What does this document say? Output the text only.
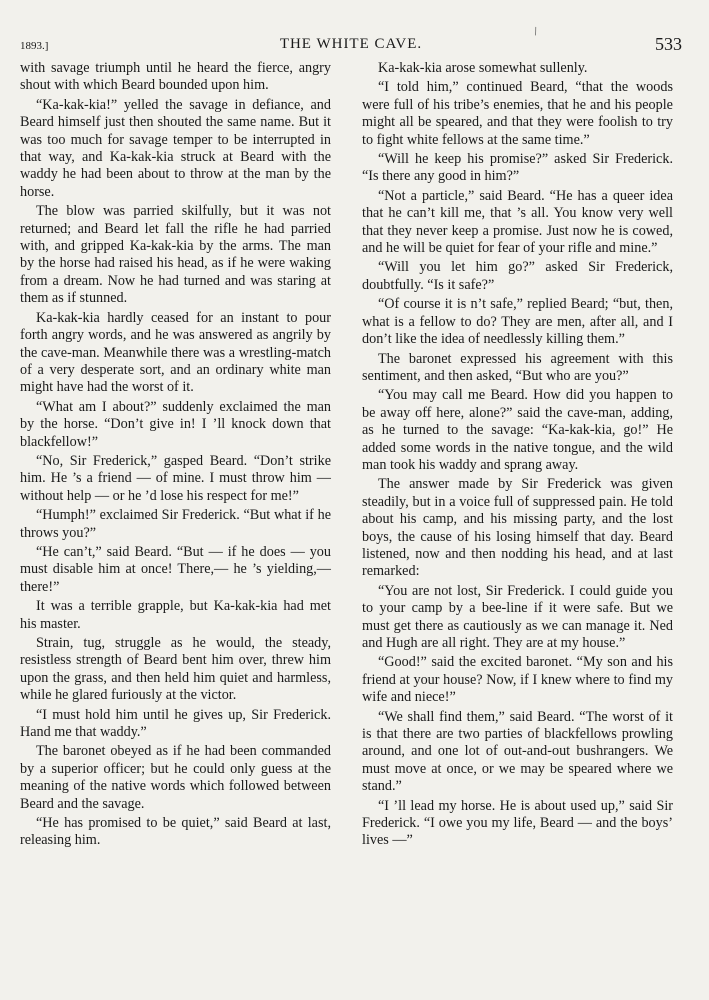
1893.]	THE WHITE CAVE.	533
\

with savage triumph until he heard the fierce, angry shout with which Beard bounded upon him.

“Ka-kak-kia!” yelled the savage in defiance, and Beard himself just then shouted the same name. But it was too much for savage temper to be interrupted in that way, and Ka-kak-kia struck at Beard with the waddy he had been about to throw at the man by the horse.

The blow was parried skilfully, but it was not returned; and Beard let fall the rifle he had parried with, and gripped Ka-kak-kia by the arms. The man by the horse had raised his head, as if he were waking from a dream. Now he had turned and was staring at them as if stunned.

Ka-kak-kia hardly ceased for an instant to pour forth angry words, and he was answered as angrily by the cave-man. Meanwhile there was a wrestling-match of a very desperate sort, and an ordinary white man might have had the worst of it.

“What am I about?” suddenly exclaimed the man by the horse. “Don’t give in! I ’ll knock down that blackfellow!”

“No, Sir Frederick,” gasped Beard. “Don’t strike him. He ’s a friend — of mine. I must throw him — without help — or he ’d lose his respect for me!”

“Humph!” exclaimed Sir Frederick. “But what if he throws you?”

“He can’t,” said Beard. “But — if he does — you must disable him at once! There,— he ’s yielding,— there!”

It was a terrible grapple, but Ka-kak-kia had met his master.

Strain, tug, struggle as he would, the steady, resistless strength of Beard bent him over, threw him upon the grass, and then held him quiet and harmless, while he glared furiously at the victor.

“I must hold him until he gives up, Sir Frederick. Hand me that waddy.”

The baronet obeyed as if he had been commanded by a superior officer; but he could only guess at the meaning of the native words which followed between Beard and the savage.

“He has promised to be quiet,” said Beard at last, releasing him.

Ka-kak-kia arose somewhat sullenly.

“I told him,” continued Beard, “that the woods were full of his tribe’s enemies, that he and his people might all be speared, and that they were foolish to try to fight white fellows at the same time.”

“Will he keep his promise?” asked Sir Frederick. “Is there any good in him?”

“Not a particle,” said Beard. “He has a queer idea that he can’t kill me, that ’s all. You know very well that they never keep a promise. Just now he is cowed, and he will be quiet for fear of your rifle and mine.”

“Will you let him go?” asked Sir Frederick, doubtfully. “Is it safe?”

“Of course it is n’t safe,” replied Beard; “but, then, what is a fellow to do? They are men, after all, and I don’t like the idea of needlessly killing them.”

The baronet expressed his agreement with this sentiment, and then asked, “But who are you?”

“You may call me Beard. How did you happen to be away off here, alone?” said the cave-man, adding, as he turned to the savage: “Ka-kak-kia, go!” He added some words in the native tongue, and the wild man took his waddy and sprang away.

The answer made by Sir Frederick was given steadily, but in a voice full of suppressed pain. He told about his camp, and his missing party, and the lost boys, the cause of his losing himself that day. Beard listened, now and then nodding his head, and at last remarked:

“You are not lost, Sir Frederick. I could guide you to your camp by a bee-line if it were safe. But we must get there as cautiously as we can manage it. Ned and Hugh are all right. They are at my house.”

“Good!” said the excited baronet. “My son and his friend at your house? Now, if I knew where to find my wife and niece!”

“We shall find them,” said Beard. “The worst of it is that there are two parties of blackfellows prowling around, and one lot of out-and-out bushrangers. We must move at once, or we may be speared where we stand.”

“I ’ll lead my horse. He is about used up,” said Sir Frederick. “I owe you my life, Beard — and the boys’ lives —”
